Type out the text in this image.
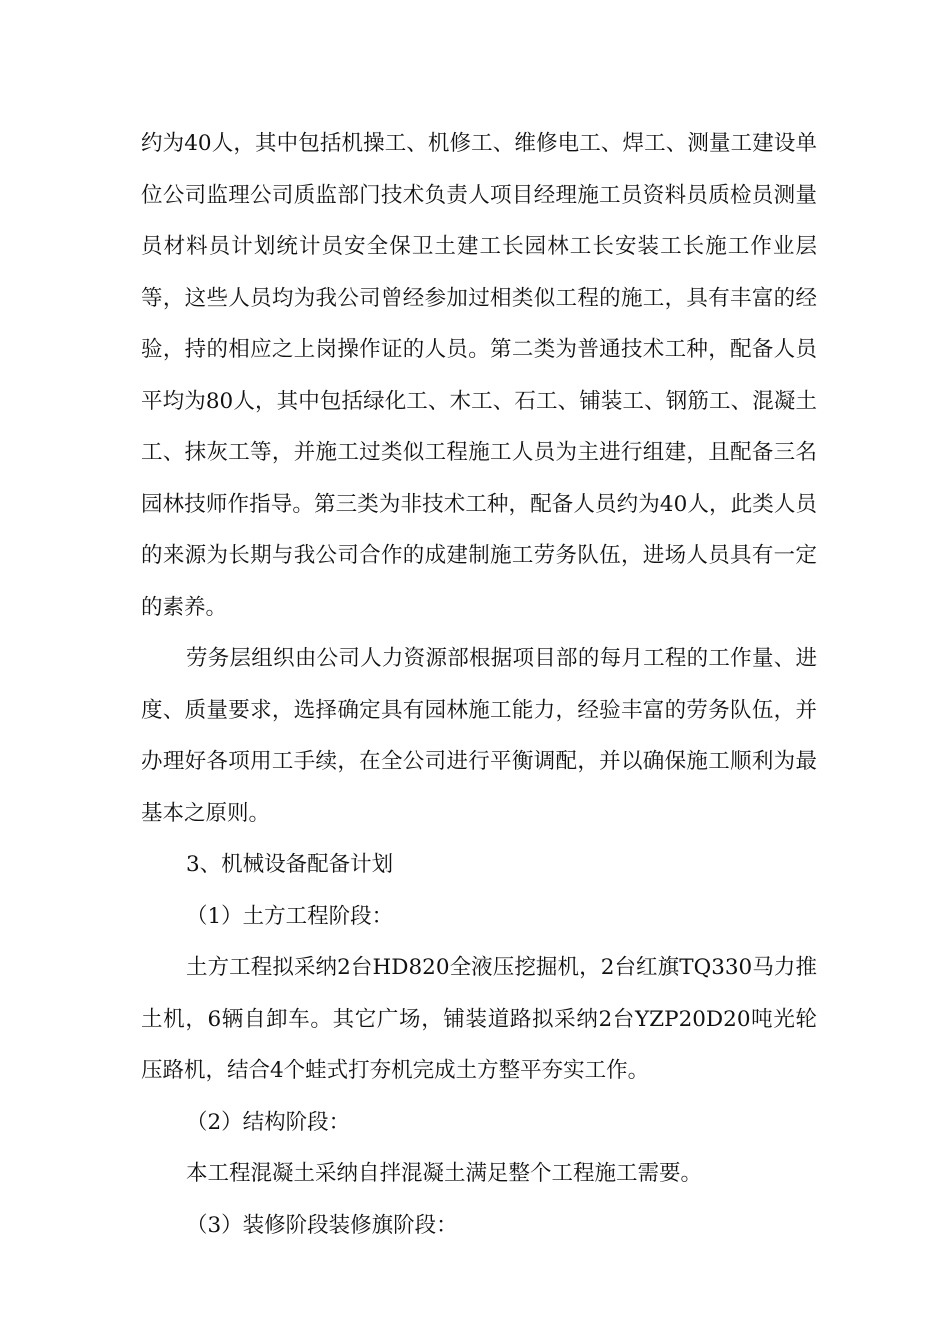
约为40人，其中包括机操工、机修工、维修电工、焊工、测量工建设单位公司监理公司质监部门技术负责人项目经理施工员资料员质检员测量员材料员计划统计员安全保卫土建工长园林工长安装工长施工作业层等，这些人员均为我公司曾经参加过相类似工程的施工，具有丰富的经验，持的相应之上岗操作证的人员。第二类为普通技术工种，配备人员平均为80人，其中包括绿化工、木工、石工、铺装工、钢筋工、混凝土工、抹灰工等，并施工过类似工程施工人员为主进行组建，且配备三名园林技师作指导。第三类为非技术工种，配备人员约为40人，此类人员的来源为长期与我公司合作的成建制施工劳务队伍，进场人员具有一定的素养。

劳务层组织由公司人力资源部根据项目部的每月工程的工作量、进度、质量要求，选择确定具有园林施工能力，经验丰富的劳务队伍，并办理好各项用工手续，在全公司进行平衡调配，并以确保施工顺利为最基本之原则。

3、机械设备配备计划

（1）土方工程阶段：

土方工程拟采纳2台HD820全液压挖掘机，2台红旗TQ330马力推土机，6辆自卸车。其它广场，铺装道路拟采纳2台YZP20D20吨光轮压路机，结合4个蛙式打夯机完成土方整平夯实工作。

（2）结构阶段：

本工程混凝土采纳自拌混凝土满足整个工程施工需要。

（3）装修阶段装修旗阶段：
